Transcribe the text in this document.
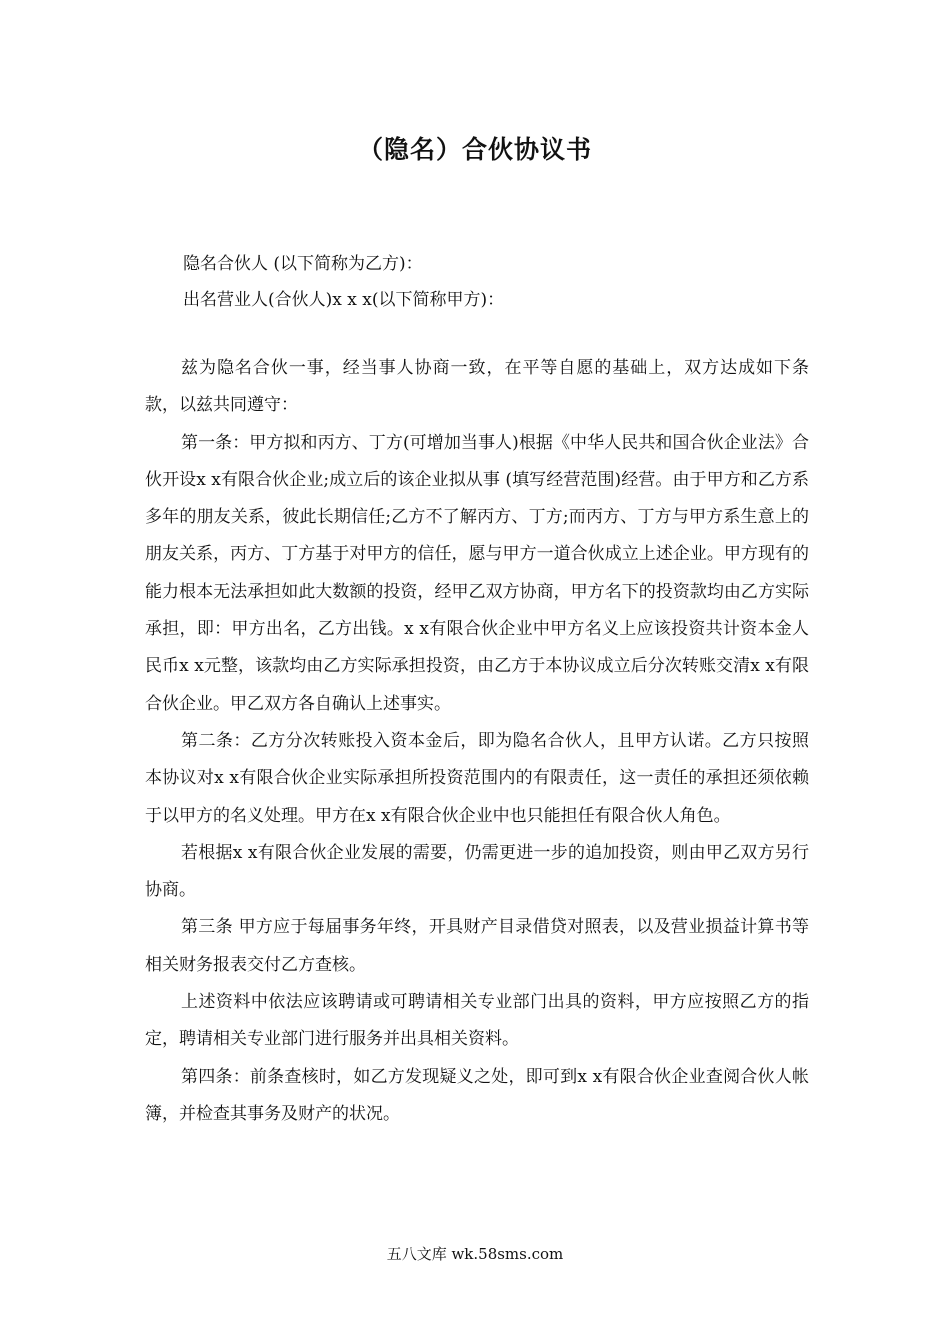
（隐名）合伙协议书
隐名合伙人 (以下简称为乙方)：
出名营业人(合伙人)x x x(以下简称甲方)：

兹为隐名合伙一事，经当事人协商一致，在平等自愿的基础上，双方达成如下条款，以兹共同遵守：

第一条：甲方拟和丙方、丁方(可增加当事人)根据《中华人民共和国合伙企业法》合伙开设x x有限合伙企业;成立后的该企业拟从事 (填写经营范围)经营。由于甲方和乙方系多年的朋友关系，彼此长期信任;乙方不了解丙方、丁方;而丙方、丁方与甲方系生意上的朋友关系，丙方、丁方基于对甲方的信任，愿与甲方一道合伙成立上述企业。甲方现有的能力根本无法承担如此大数额的投资，经甲乙双方协商，甲方名下的投资款均由乙方实际承担，即：甲方出名，乙方出钱。x x有限合伙企业中甲方名义上应该投资共计资本金人民币x x元整，该款均由乙方实际承担投资，由乙方于本协议成立后分次转账交清x x有限合伙企业。甲乙双方各自确认上述事实。

第二条：乙方分次转账投入资本金后，即为隐名合伙人，且甲方认诺。乙方只按照本协议对x x有限合伙企业实际承担所投资范围内的有限责任，这一责任的承担还须依赖于以甲方的名义处理。甲方在x x有限合伙企业中也只能担任有限合伙人角色。

若根据x x有限合伙企业发展的需要，仍需更进一步的追加投资，则由甲乙双方另行协商。

第三条 甲方应于每届事务年终，开具财产目录借贷对照表，以及营业损益计算书等相关财务报表交付乙方查核。

上述资料中依法应该聘请或可聘请相关专业部门出具的资料，甲方应按照乙方的指定，聘请相关专业部门进行服务并出具相关资料。

第四条：前条查核时，如乙方发现疑义之处，即可到x x有限合伙企业查阅合伙人帐簿，并检查其事务及财产的状况。

五八文库 wk.58sms.com
